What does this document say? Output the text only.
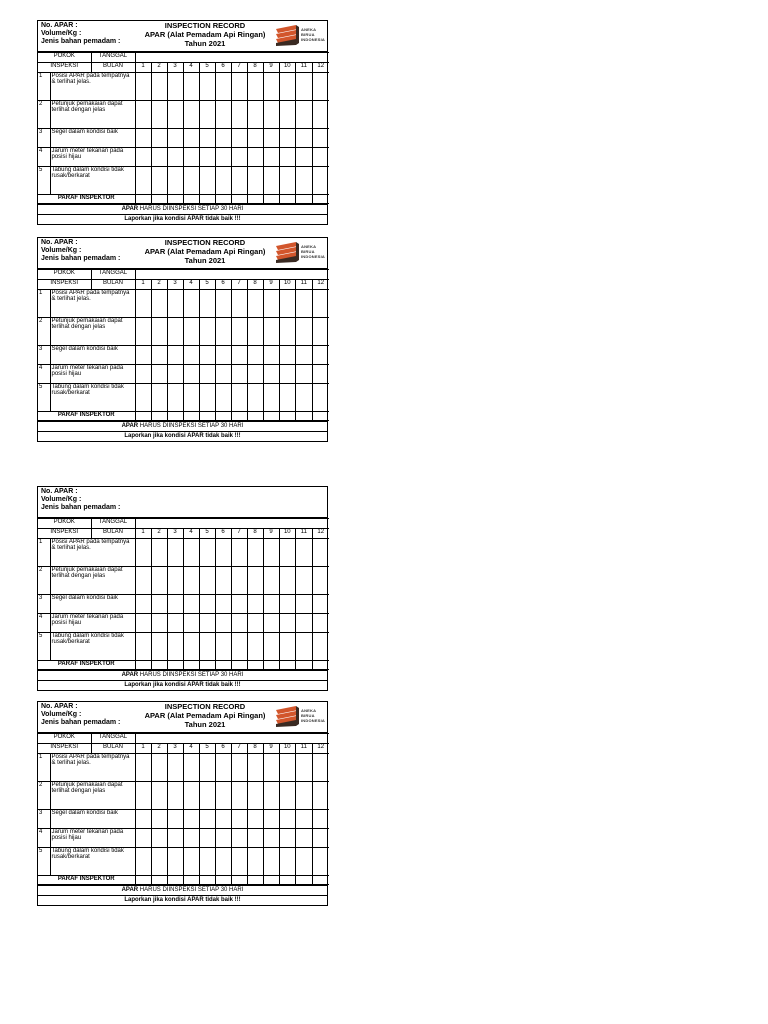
No. APAR :
Volume/Kg :
Jenis bahan pemadam :
INSPECTION RECORD
APAR (Alat Pemadam Api Ringan)
Tahun 2021
ANEKA
BIRUA
INDONESIA
POKOK		TANGGAL												
INSPEKSI		BULAN	1	2	3	4	5	6	7	8	9	10	11	12
1	Posisi APAR pada tempatnya & terlihat jelas.													
2	Petunjuk pemakaian dapat terlihat dengan jelas													
3	Segel dalam kondisi baik													
4	Jarum meter tekanan pada posisi hijau													
5	Tabung dalam kondisi tidak rusak/berkarat													
PARAF INSPEKTOR														
APAR HARUS DIINSPEKSI SETIAP 30 HARI
Laporkan jika kondisi APAR tidak baik !!!
No. APAR :
Volume/Kg :
Jenis bahan pemadam :
INSPECTION RECORD
APAR (Alat Pemadam Api Ringan)
Tahun 2021
ANEKA
BIRUA
INDONESIA
POKOK		TANGGAL												
INSPEKSI		BULAN	1	2	3	4	5	6	7	8	9	10	11	12
1	Posisi APAR pada tempatnya & terlihat jelas.													
2	Petunjuk pemakaian dapat terlihat dengan jelas													
3	Segel dalam kondisi baik													
4	Jarum meter tekanan pada posisi hijau													
5	Tabung dalam kondisi tidak rusak/berkarat													
PARAF INSPEKTOR														
APAR HARUS DIINSPEKSI SETIAP 30 HARI
Laporkan jika kondisi APAR tidak baik !!!
No. APAR :
Volume/Kg :
Jenis bahan pemadam :
POKOK		TANGGAL												
INSPEKSI		BULAN	1	2	3	4	5	6	7	8	9	10	11	12
1	Posisi APAR pada tempatnya & terlihat jelas.													
2	Petunjuk pemakaian dapat terlihat dengan jelas													
3	Segel dalam kondisi baik													
4	Jarum meter tekanan pada posisi hijau													
5	Tabung dalam kondisi tidak rusak/berkarat													
PARAF INSPEKTOR														
APAR HARUS DIINSPEKSI SETIAP 30 HARI
Laporkan jika kondisi APAR tidak baik !!!
No. APAR :
Volume/Kg :
Jenis bahan pemadam :
INSPECTION RECORD
APAR (Alat Pemadam Api Ringan)
Tahun 2021
ANEKA
BIRUA
INDONESIA
POKOK		TANGGAL												
INSPEKSI		BULAN	1	2	3	4	5	6	7	8	9	10	11	12
1	Posisi APAR pada tempatnya & terlihat jelas.													
2	Petunjuk pemakaian dapat terlihat dengan jelas													
3	Segel dalam kondisi baik													
4	Jarum meter tekanan pada posisi hijau													
5	Tabung dalam kondisi tidak rusak/berkarat													
PARAF INSPEKTOR														
APAR HARUS DIINSPEKSI SETIAP 30 HARI
Laporkan jika kondisi APAR tidak baik !!!
